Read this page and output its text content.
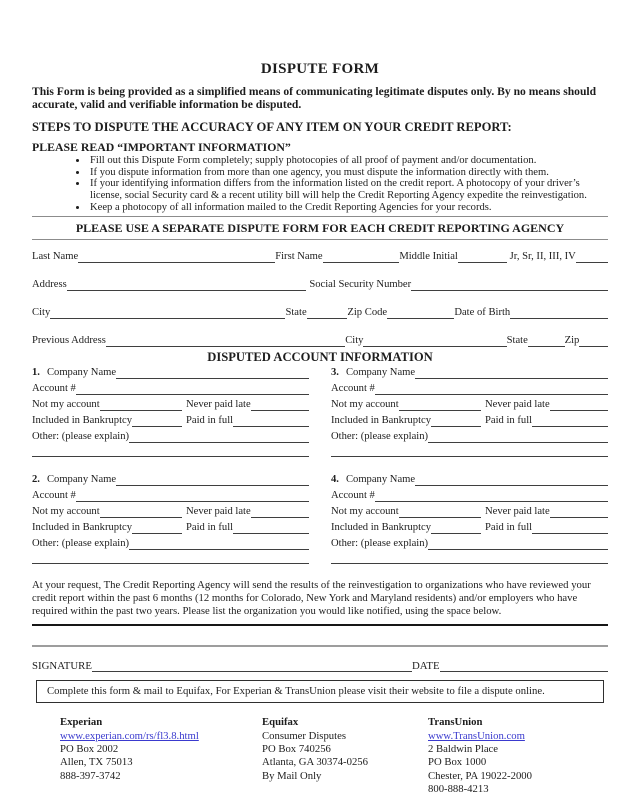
DISPUTE FORM
This Form is being provided as a simplified means of communicating legitimate disputes only. By no means should accurate, valid and verifiable information be disputed.
STEPS TO DISPUTE THE ACCURACY OF ANY ITEM ON YOUR CREDIT REPORT:
PLEASE READ “IMPORTANT INFORMATION”
• Fill out this Dispute Form completely; supply photocopies of all proof of payment and/or documentation.
• If you dispute information from more than one agency, you must dispute the information directly with them.
• If your identifying information differs from the information listed on the credit report. A photocopy of your driver’s license, social Security card & a recent utility bill will help the Credit Reporting Agency expedite the reinvestigation.
• Keep a photocopy of all information mailed to the Credit Reporting Agencies for your records.
PLEASE USE A SEPARATE DISPUTE FORM FOR EACH CREDIT REPORTING AGENCY
Last Name	First Name	Middle Initial	Jr, Sr, II, III, IV
Address	Social Security Number
City	State	Zip Code	Date of Birth
Previous Address	City	State	Zip
DISPUTED ACCOUNT INFORMATION
1. Company Name
Account #
Not my account	Never paid late
Included in Bankruptcy	Paid in full
Other: (please explain)
3. Company Name
Account #
Not my account	Never paid late
Included in Bankruptcy	Paid in full
Other: (please explain)
2. Company Name
Account #
Not my account	Never paid late
Included in Bankruptcy	Paid in full
Other: (please explain)
4. Company Name
Account #
Not my account	Never paid late
Included in Bankruptcy	Paid in full
Other: (please explain)
At your request, The Credit Reporting Agency will send the results of the reinvestigation to organizations who have reviewed your credit report within the past 6 months (12 months for Colorado, New York and Maryland residents) and/or employers who have required within the past two years. Please list the organization you would like notified, using the space below.
SIGNATURE	DATE
Complete this form & mail to Equifax, For Experian & TransUnion please visit their website to file a dispute online.
Experian
www.experian.com/rs/fl3.8.html
PO Box 2002
Allen, TX 75013
888-397-3742
Equifax
Consumer Disputes
PO Box 740256
Atlanta, GA 30374-0256
By Mail Only
TransUnion
www.TransUnion.com
2 Baldwin Place
PO Box 1000
Chester, PA 19022-2000
800-888-4213
